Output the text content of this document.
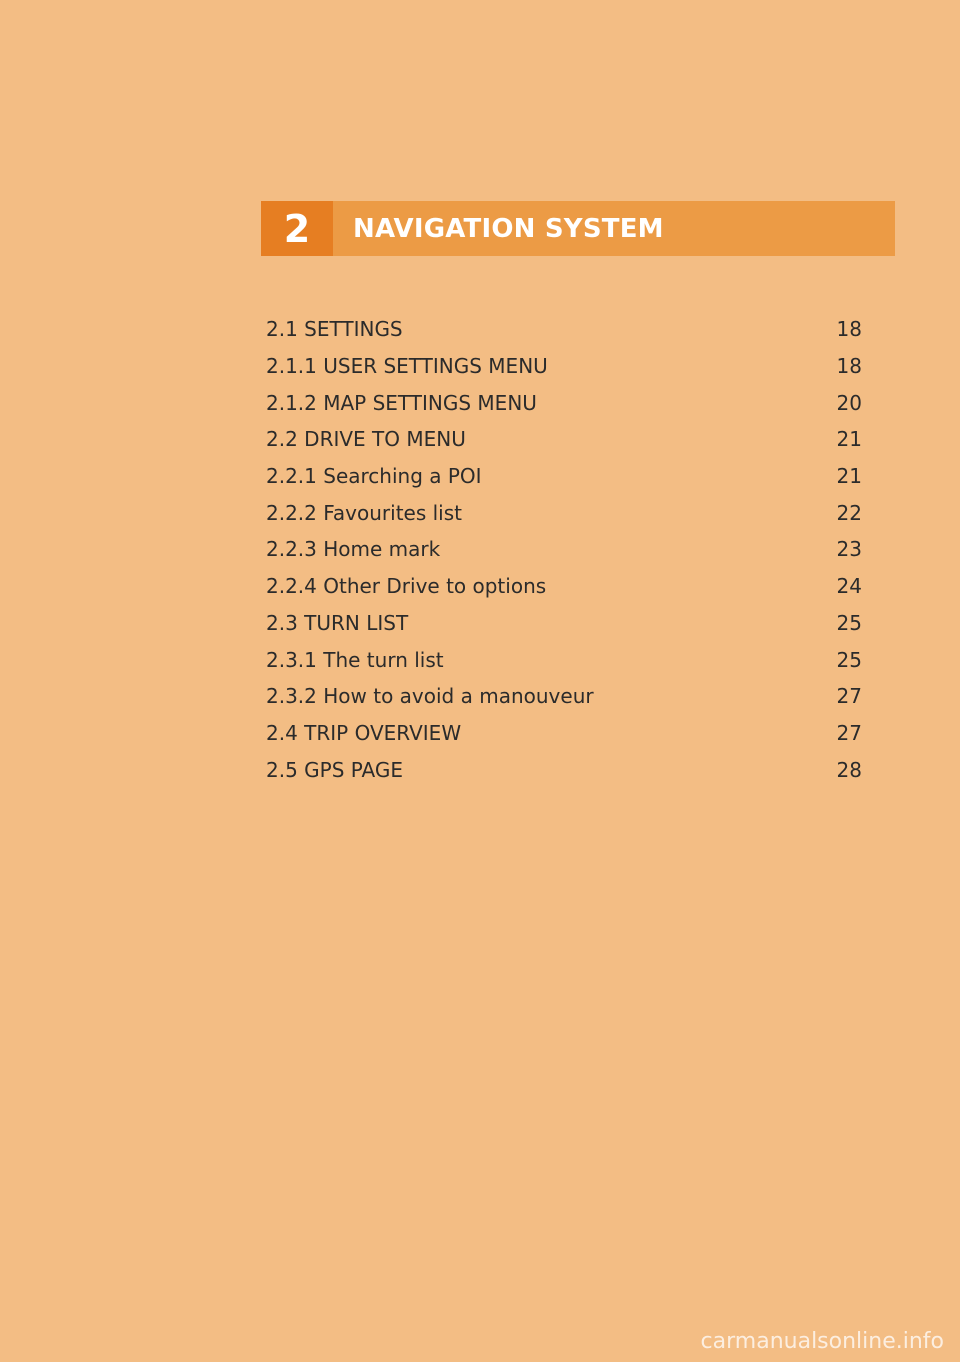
2	NAVIGATION SYSTEM
2.1 SETTINGS	18
2.1.1 USER SETTINGS MENU	18
2.1.2 MAP SETTINGS MENU	20
2.2 DRIVE TO MENU	21
2.2.1 Searching a POI	21
2.2.2 Favourites list	22
2.2.3 Home mark	23
2.2.4 Other Drive to options	24
2.3 TURN LIST	25
2.3.1 The turn list	25
2.3.2 How to avoid a manouveur	27
2.4 TRIP OVERVIEW	27
2.5 GPS PAGE	28
carmanualsonline.info
